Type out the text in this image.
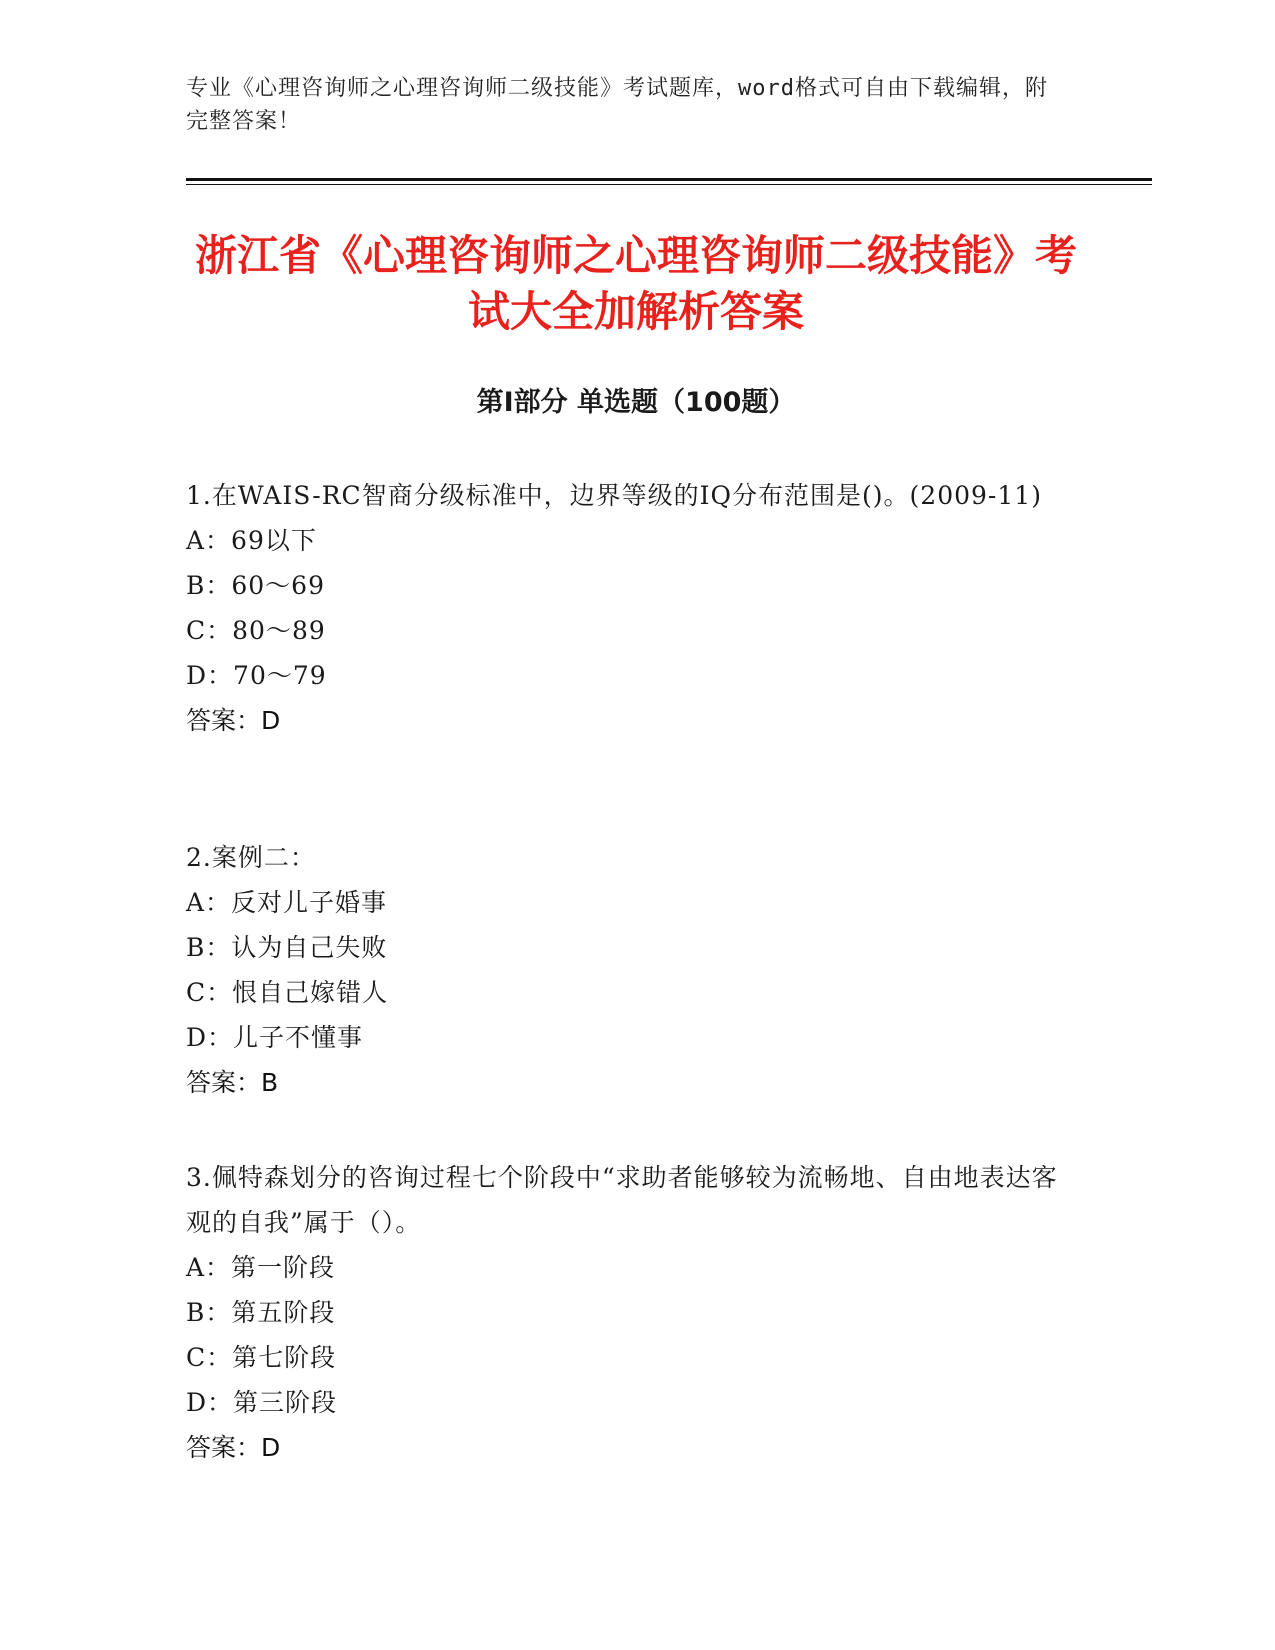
专业《心理咨询师之心理咨询师二级技能》考试题库，word格式可自由下载编辑，附完整答案！
浙江省《心理咨询师之心理咨询师二级技能》考试大全加解析答案
第Ⅰ部分 单选题（100题）

1.在WAIS-RC智商分级标准中，边界等级的IQ分布范围是()。(2009-11)

A：69以下

B：60～69

C：80～89

D：70～79

答案：D

2.案例二：

A：反对儿子婚事

B：认为自己失败

C：恨自己嫁错人

D：儿子不懂事

答案：B

3.佩特森划分的咨询过程七个阶段中“求助者能够较为流畅地、自由地表达客观的自我”属于（）。

A：第一阶段

B：第五阶段

C：第七阶段

D：第三阶段

答案：D
